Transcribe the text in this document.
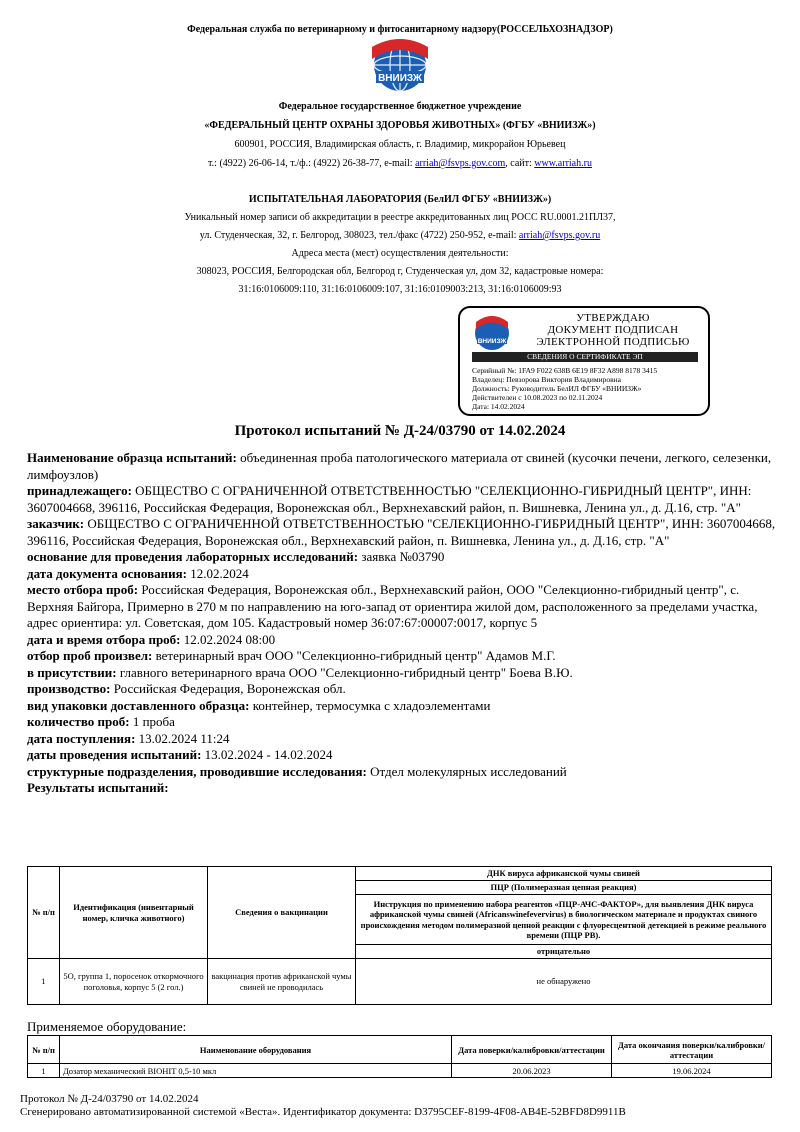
Федеральная служба по ветеринарному и фитосанитарному надзору(РОССЕЛЬХОЗНАДЗОР)
ВНИИЗЖ
Федеральное государственное бюджетное учреждение
«ФЕДЕРАЛЬНЫЙ ЦЕНТР ОХРАНЫ ЗДОРОВЬЯ ЖИВОТНЫХ» (ФГБУ «ВНИИЗЖ»)
600901, РОССИЯ, Владимирская область, г. Владимир, микрорайон Юрьевец
т.: (4922) 26-06-14, т./ф.: (4922) 26-38-77, e-mail: arriah@fsvps.gov.com, сайт: www.arriah.ru
ИСПЫТАТЕЛЬНАЯ ЛАБОРАТОРИЯ (БелИЛ ФГБУ «ВНИИЗЖ»)
Уникальный номер записи об аккредитации в реестре аккредитованных лиц РОСС RU.0001.21ПЛ37,
ул. Студенческая, 32, г. Белгород, 308023, тел./факс (4722) 250-952, e-mail: arriah@fsvps.gov.ru
Адреса места (мест) осуществления деятельности:
308023, РОССИЯ, Белгородская обл, Белгород г, Студенческая ул, дом 32, кадастровые номера:
31:16:0106009:110, 31:16:0106009:107, 31:16:0109003:213, 31:16:0106009:93
ВНИИЗЖ
УТВЕРЖДАЮ
ДОКУМЕНТ ПОДПИСАН
ЭЛЕКТРОННОЙ ПОДПИСЬЮ
СВЕДЕНИЯ О СЕРТИФИКАТЕ ЭП
Серийный №: 1FA9 F022 638B 6E19 8F32 A898 8178 3415
Владелец: Певзорова Виктория Владимировна
Должность: Руководитель БелИЛ ФГБУ «ВНИИЗЖ»
Действителен с 10.08.2023 по 02.11.2024
Дата: 14.02.2024
Протокол испытаний № Д-24/03790 от 14.02.2024

Наименование образца испытаний: объединенная проба патологического материала от свиней (кусочки печени, легкого, селезенки, лимфоузлов)

принадлежащего: ОБЩЕСТВО С ОГРАНИЧЕННОЙ ОТВЕТСТВЕННОСТЬЮ "СЕЛЕКЦИОННО-ГИБРИДНЫЙ ЦЕНТР", ИНН: 3607004668, 396116, Российская Федерация, Воронежская обл., Верхнехавский район, п. Вишневка, Ленина ул., д. Д.16, стр. "А"

заказчик: ОБЩЕСТВО С ОГРАНИЧЕННОЙ ОТВЕТСТВЕННОСТЬЮ "СЕЛЕКЦИОННО-ГИБРИДНЫЙ ЦЕНТР", ИНН: 3607004668, 396116, Российская Федерация, Воронежская обл., Верхнехавский район, п. Вишневка, Ленина ул., д. Д.16, стр. "А"

основание для проведения лабораторных исследований: заявка №03790

дата документа основания: 12.02.2024

место отбора проб: Российская Федерация, Воронежская обл., Верхнехавский район, ООО "Селекционно-гибридный центр", с. Верхняя Байгора, Примерно в 270 м по направлению на юго-запад от ориентира жилой дом, расположенного за пределами участка, адрес ориентира: ул. Советская, дом 105. Кадастровый номер 36:07:67:00007:0017, корпус 5

дата и время отбора проб: 12.02.2024 08:00

отбор проб произвел: ветеринарный врач ООО "Селекционно-гибридный центр" Адамов М.Г.

в присутствии: главного ветеринарного врача ООО "Селекционно-гибридный центр" Боева В.Ю.

производство: Российская Федерация, Воронежская обл.

вид упаковки доставленного образца: контейнер, термосумка с хладоэлементами

количество проб: 1 проба

дата поступления: 13.02.2024 11:24

даты проведения испытаний: 13.02.2024 - 14.02.2024

структурные подразделения, проводившие исследования: Отдел молекулярных исследований

Результаты испытаний:

№ п/п	Идентификация (инвентарный номер, кличка животного)	Сведения о вакцинации	ДНК вируса африканской чумы свиней
			ПЦР (Полимеразная цепная реакция)
			Инструкция по применению набора реагентов «ПЦР-АЧС-ФАКТОР», для выявления ДНК вируса африканской чумы свиней (Africanswinefevervirus) в биологическом материале и продуктах свиного происхождения методом полимеразной цепной реакции с флуоресцентной детекцией в режиме реального времени (ПЦР РВ).
			отрицательно

1	5О, группа 1, поросенок откормочного поголовья, корпус 5 (2 гол.)	вакцинация против африканской чумы свиней не проводилась	не обнаружено
Применяемое оборудование:
№ п/п	Наименование оборудования	Дата поверки/калибровки/аттестации	Дата окончания поверки/калибровки/аттестации
1	Дозатор механический BIOHIT 0,5-10 мкл	20.06.2023	19.06.2024
Протокол № Д-24/03790 от 14.02.2024
Сгенерировано автоматизированной системой «Веста». Идентификатор документа: D3795CEF-8199-4F08-AB4E-52BFD8D9911B
